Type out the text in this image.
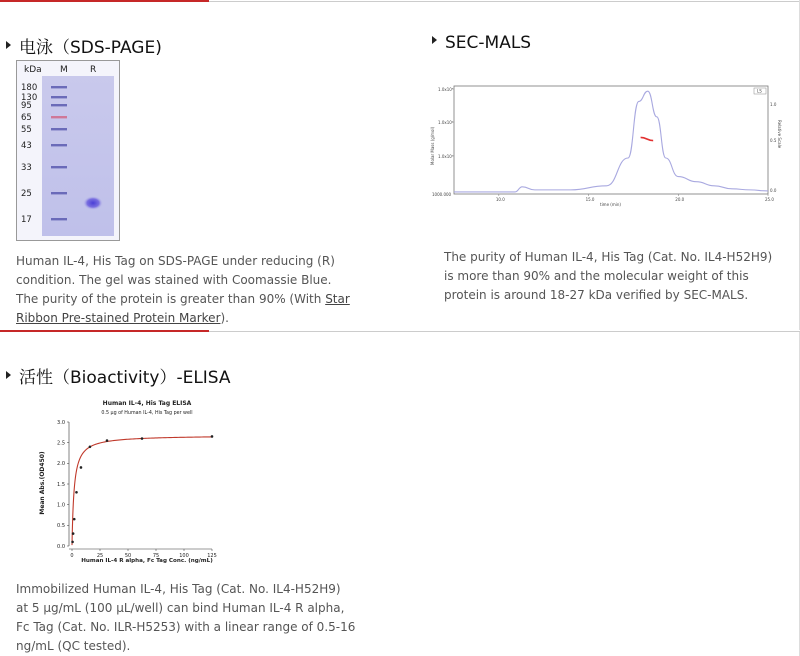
电泳（SDS-PAGE)
kDa M R
180
130
95
65
55
43
33
25
17
Human IL-4, His Tag on SDS-PAGE under reducing (R) condition. The gel was stained with Coomassie Blue. The purity of the protein is greater than 90% (With Star Ribbon Pre-stained Protein Marker).
SEC-MALS
Molar Mass (g/mol)	Relative Scale
time (min)
1.0x10⁵
1.0x10⁴
1.0x10³
1000.000
1.0
0.5
0.0
LS
10.0	15.0	20.0	25.0
The purity of Human IL-4, His Tag (Cat. No. IL4-H52H9) is more than 90% and the molecular weight of this protein is around 18-27 kDa verified by SEC-MALS.
活性（Bioactivity）-ELISA
Human IL-4, His Tag ELISA
0.5 μg of Human IL-4, His Tag per well
Mean Abs.(OD450)
Human IL-4 R alpha, Fc Tag Conc. (ng/mL)
0.0
0.5
1.0
1.5
2.0
2.5
3.0
0	25	50	75	100	125
Immobilized Human IL-4, His Tag (Cat. No. IL4-H52H9) at 5 μg/mL (100 μL/well) can bind Human IL-4 R alpha, Fc Tag (Cat. No. ILR-H5253) with a linear range of 0.5-16 ng/mL (QC tested).
